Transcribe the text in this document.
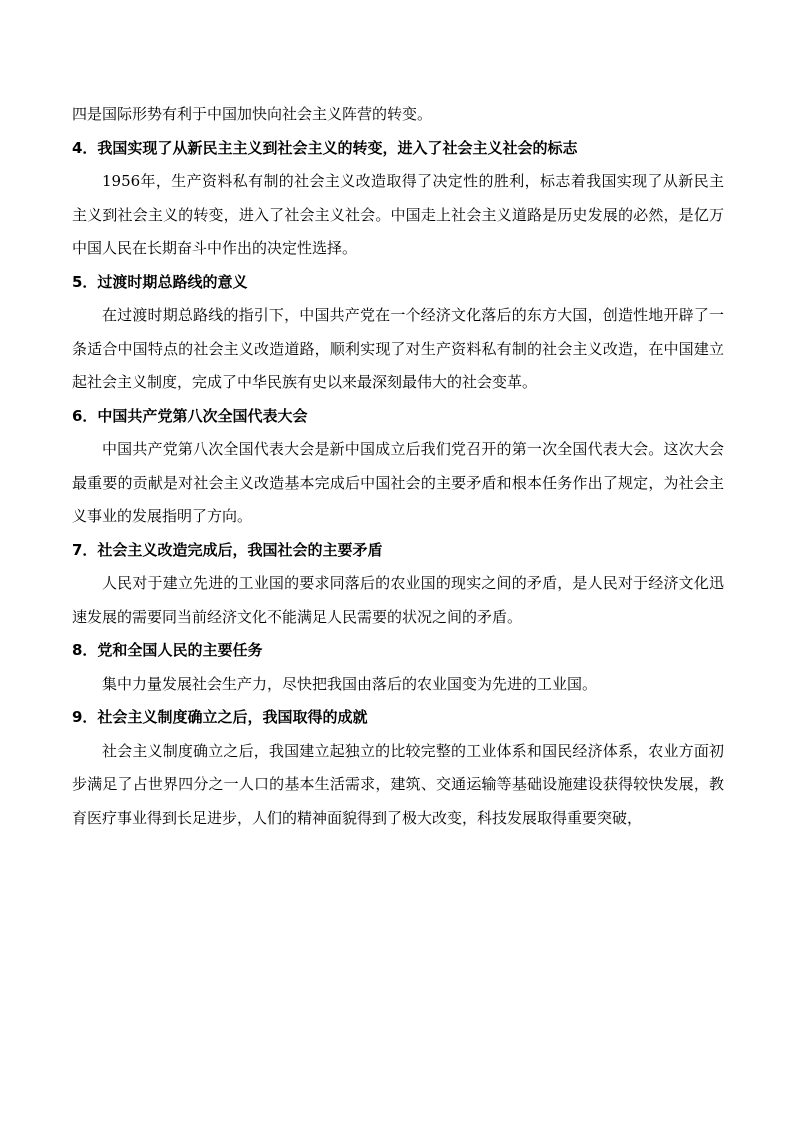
四是国际形势有利于中国加快向社会主义阵营的转变。

4．我国实现了从新民主主义到社会主义的转变，进入了社会主义社会的标志

1956年，生产资料私有制的社会主义改造取得了决定性的胜利，标志着我国实现了从新民主主义到社会主义的转变，进入了社会主义社会。中国走上社会主义道路是历史发展的必然，是亿万中国人民在长期奋斗中作出的决定性选择。

5．过渡时期总路线的意义

在过渡时期总路线的指引下，中国共产党在一个经济文化落后的东方大国，创造性地开辟了一条适合中国特点的社会主义改造道路，顺利实现了对生产资料私有制的社会主义改造，在中国建立起社会主义制度，完成了中华民族有史以来最深刻最伟大的社会变革。

6．中国共产党第八次全国代表大会

中国共产党第八次全国代表大会是新中国成立后我们党召开的第一次全国代表大会。这次大会最重要的贡献是对社会主义改造基本完成后中国社会的主要矛盾和根本任务作出了规定，为社会主义事业的发展指明了方向。

7．社会主义改造完成后，我国社会的主要矛盾

人民对于建立先进的工业国的要求同落后的农业国的现实之间的矛盾，是人民对于经济文化迅速发展的需要同当前经济文化不能满足人民需要的状况之间的矛盾。

8．党和全国人民的主要任务

集中力量发展社会生产力，尽快把我国由落后的农业国变为先进的工业国。

9．社会主义制度确立之后，我国取得的成就

社会主义制度确立之后，我国建立起独立的比较完整的工业体系和国民经济体系，农业方面初步满足了占世界四分之一人口的基本生活需求，建筑、交通运输等基础设施建设获得较快发展，教育医疗事业得到长足进步，人们的精神面貌得到了极大改变，科技发展取得重要突破，
